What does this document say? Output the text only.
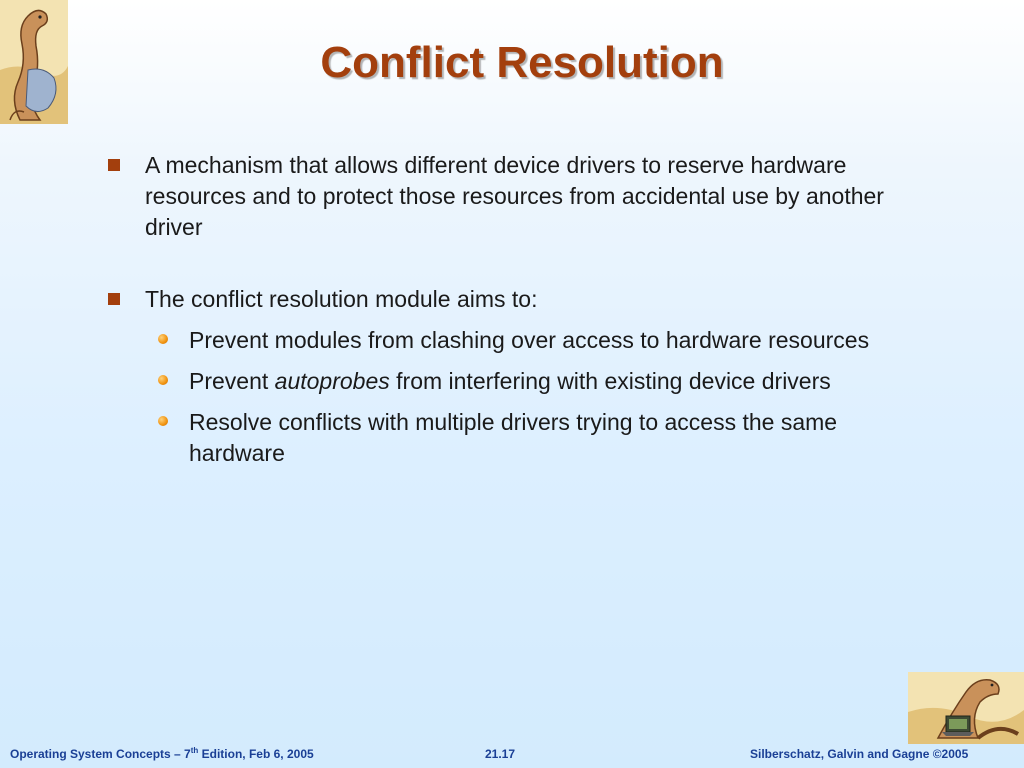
Conflict Resolution
A mechanism that allows different device drivers to reserve hardware resources and to protect those resources from accidental use by another driver
The conflict resolution module aims to:
Prevent modules from clashing over access to hardware resources
Prevent autoprobes from interfering with existing device drivers
Resolve conflicts with multiple drivers trying to access the same hardware
Operating System Concepts – 7th Edition, Feb 6, 2005	21.17	Silberschatz, Galvin and Gagne ©2005
